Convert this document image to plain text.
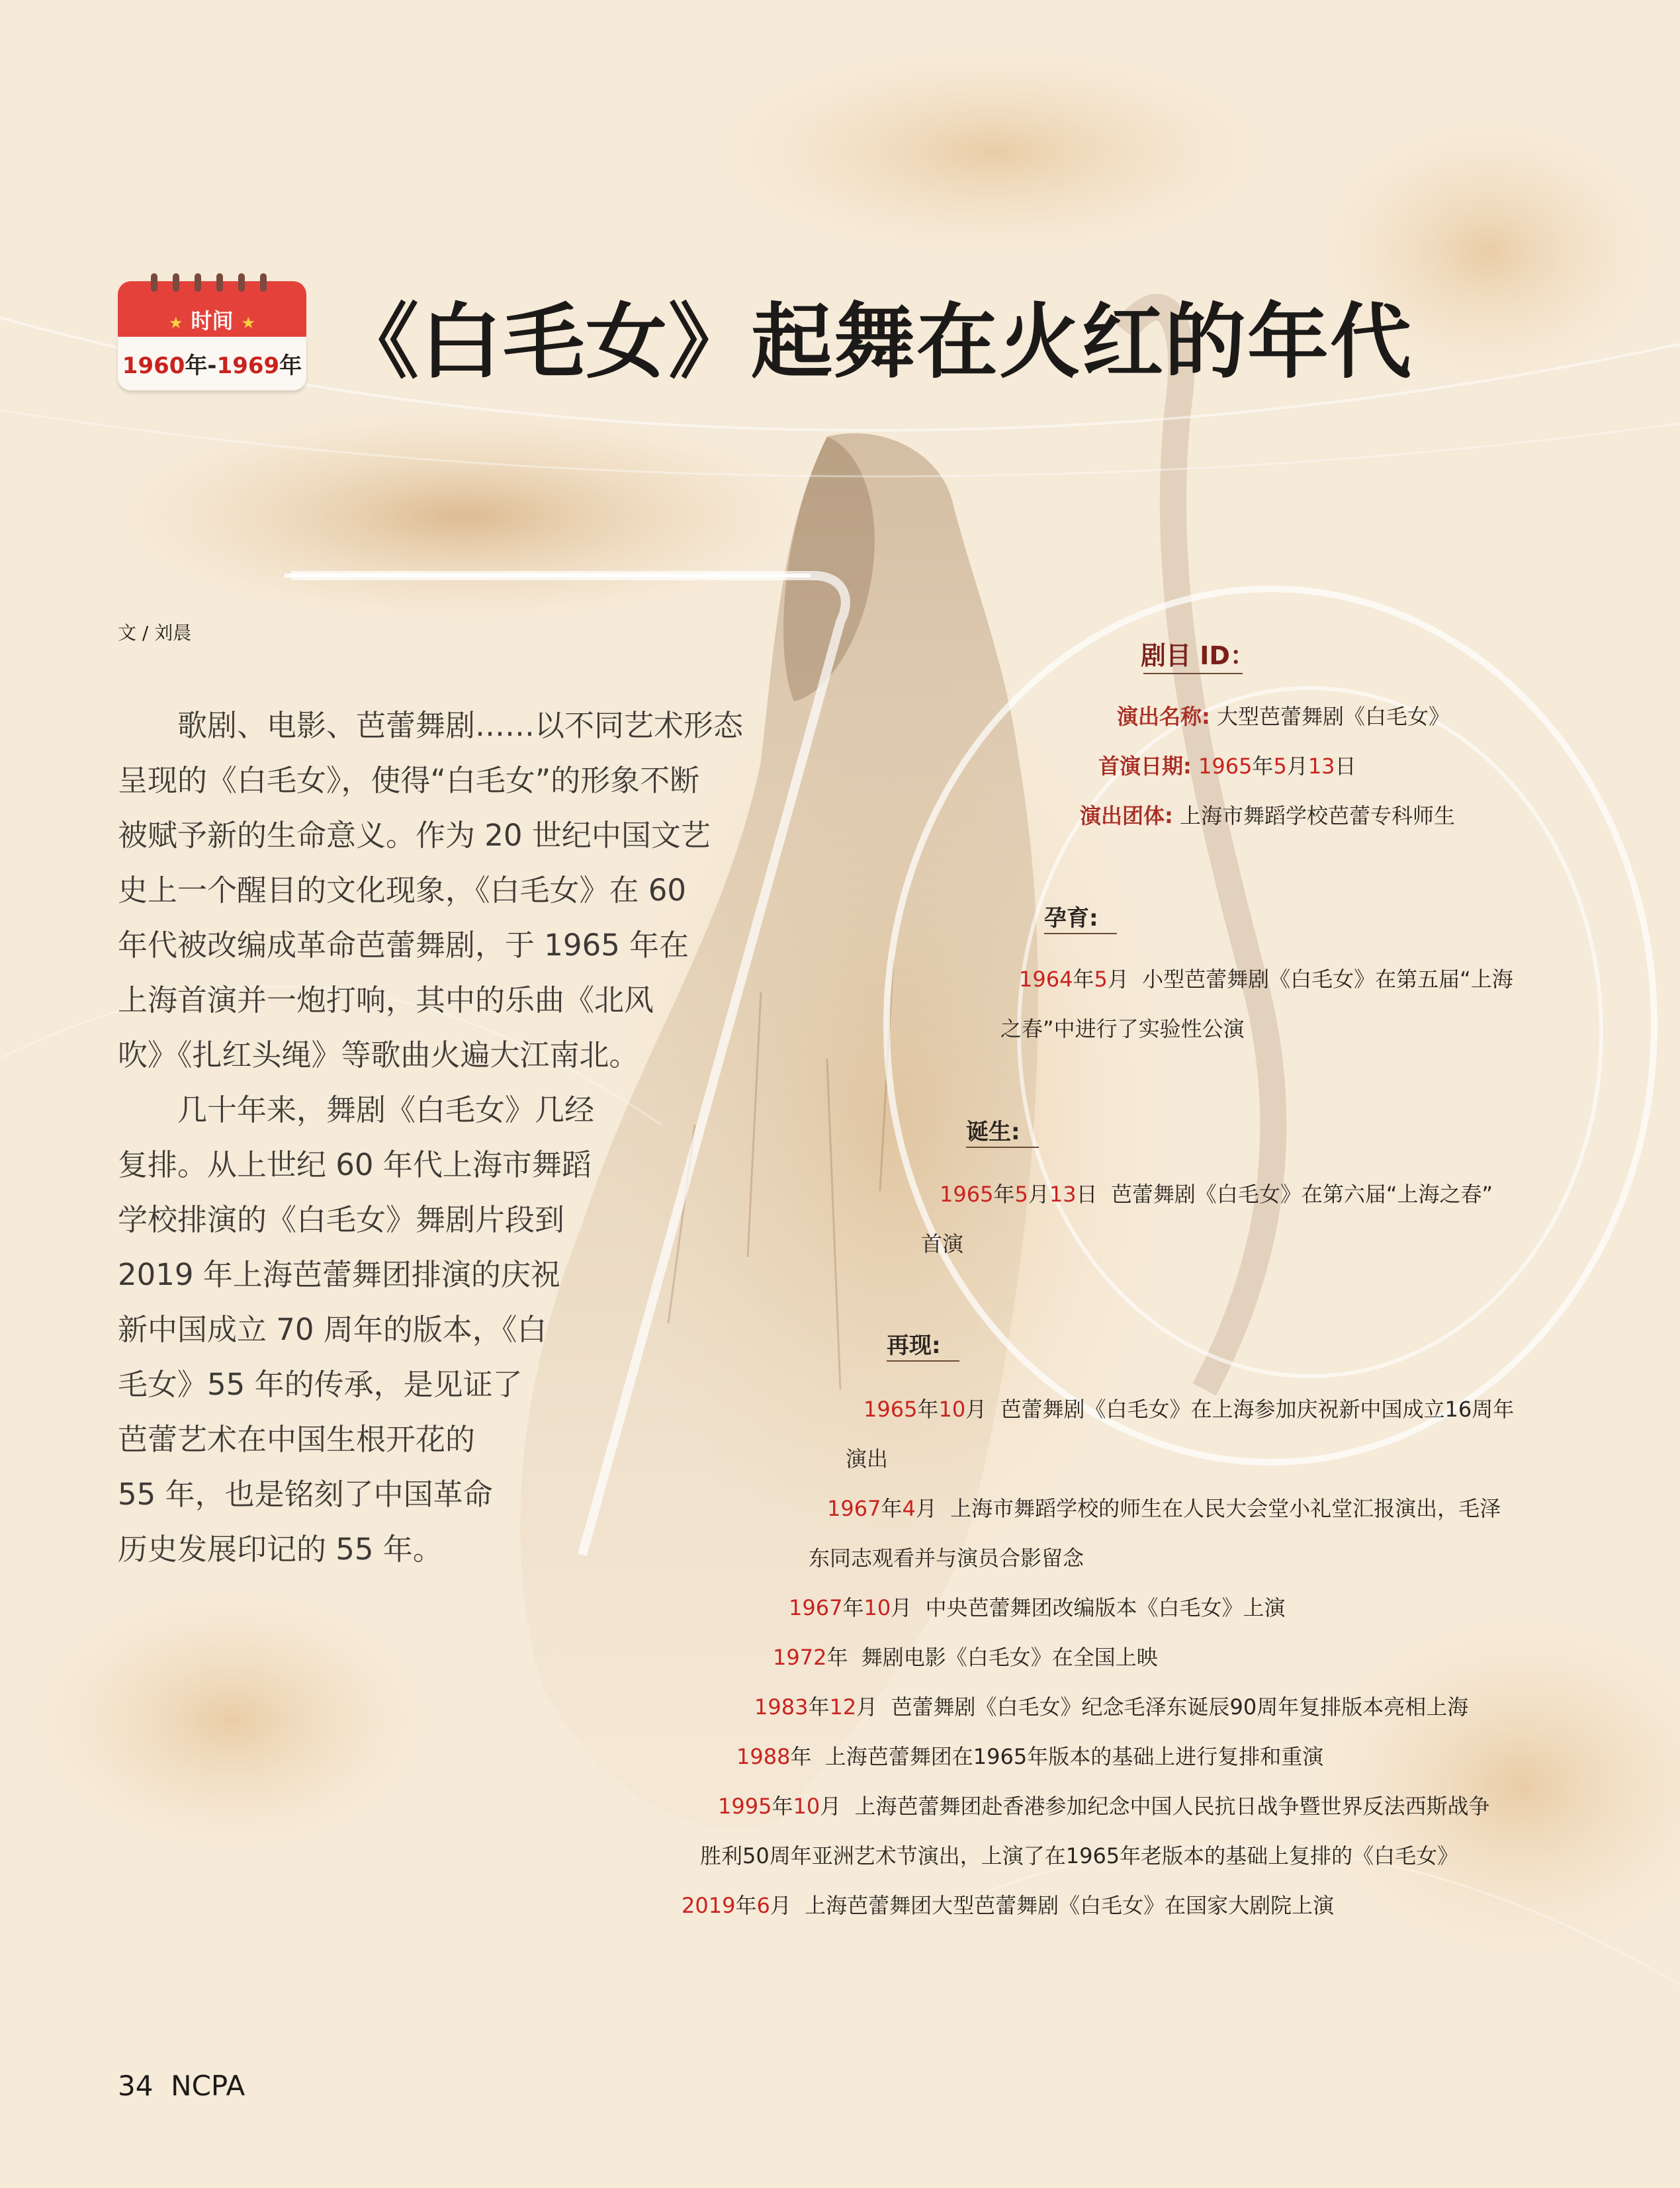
★ 时间 ★
1960年-1969年 《白毛女》起舞在火红的年代
文 / 刘晨
　　歌剧、电影、芭蕾舞剧……以不同艺术形态
呈现的《白毛女》，使得“白毛女”的形象不断
被赋予新的生命意义。作为 20 世纪中国文艺
史上一个醒目的文化现象，《白毛女》在 60
年代被改编成革命芭蕾舞剧，于 1965 年在
上海首演并一炮打响，其中的乐曲《北风
吹》《扎红头绳》等歌曲火遍大江南北。
　　几十年来，舞剧《白毛女》几经
复排。从上世纪 60 年代上海市舞蹈
学校排演的《白毛女》舞剧片段到
2019 年上海芭蕾舞团排演的庆祝
新中国成立 70 周年的版本，《白
毛女》55 年的传承，是见证了
芭蕾艺术在中国生根开花的
55 年，也是铭刻了中国革命
历史发展印记的 55 年。
剧目 ID：
演出名称: 大型芭蕾舞剧《白毛女》
首演日期: 1965年5月13日
演出团体: 上海市舞蹈学校芭蕾专科师生
孕育:
1964年5月 小型芭蕾舞剧《白毛女》在第五届“上海
之春”中进行了实验性公演
诞生:
1965年5月13日 芭蕾舞剧《白毛女》在第六届“上海之春”
首演
再现:
1965年10月 芭蕾舞剧《白毛女》在上海参加庆祝新中国成立16周年
演出
1967年4月 上海市舞蹈学校的师生在人民大会堂小礼堂汇报演出，毛泽
东同志观看并与演员合影留念
1967年10月 中央芭蕾舞团改编版本《白毛女》上演
1972年 舞剧电影《白毛女》在全国上映
1983年12月 芭蕾舞剧《白毛女》纪念毛泽东诞辰90周年复排版本亮相上海
1988年 上海芭蕾舞团在1965年版本的基础上进行复排和重演
1995年10月 上海芭蕾舞团赴香港参加纪念中国人民抗日战争暨世界反法西斯战争
胜利50周年亚洲艺术节演出，上演了在1965年老版本的基础上复排的《白毛女》
2019年6月 上海芭蕾舞团大型芭蕾舞剧《白毛女》在国家大剧院上演
34 NCPA
